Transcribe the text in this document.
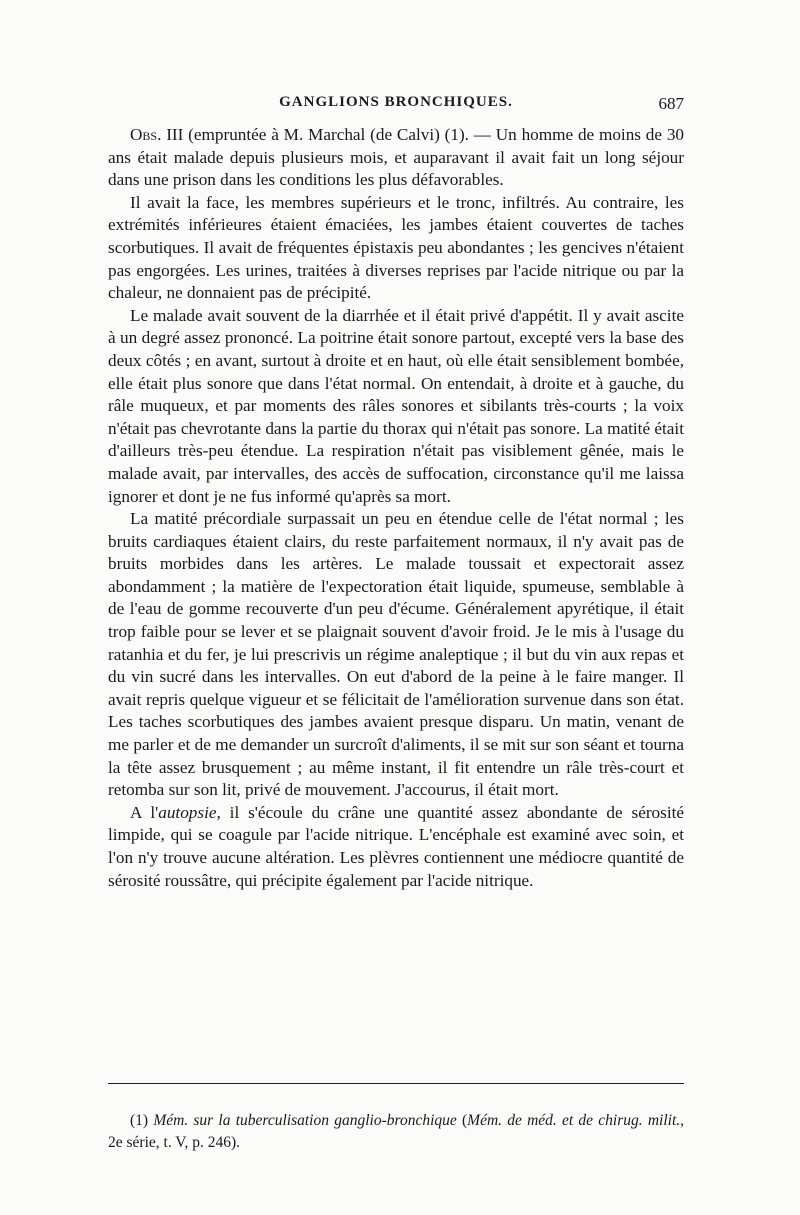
GANGLIONS BRONCHIQUES.	687

Obs. III (empruntée à M. Marchal (de Calvi) (1). — Un homme de moins de 30 ans était malade depuis plusieurs mois, et auparavant il avait fait un long séjour dans une prison dans les conditions les plus défavorables.

Il avait la face, les membres supérieurs et le tronc, infiltrés. Au contraire, les extrémités inférieures étaient émaciées, les jambes étaient couvertes de taches scorbutiques. Il avait de fréquentes épistaxis peu abondantes ; les gencives n'étaient pas engorgées. Les urines, traitées à diverses reprises par l'acide nitrique ou par la chaleur, ne donnaient pas de précipité.

Le malade avait souvent de la diarrhée et il était privé d'appétit. Il y avait ascite à un degré assez prononcé. La poitrine était sonore partout, excepté vers la base des deux côtés ; en avant, surtout à droite et en haut, où elle était sensiblement bombée, elle était plus sonore que dans l'état normal. On entendait, à droite et à gauche, du râle muqueux, et par moments des râles sonores et sibilants très-courts ; la voix n'était pas chevrotante dans la partie du thorax qui n'était pas sonore. La matité était d'ailleurs très-peu étendue. La respiration n'était pas visiblement gênée, mais le malade avait, par intervalles, des accès de suffocation, circonstance qu'il me laissa ignorer et dont je ne fus informé qu'après sa mort.

La matité précordiale surpassait un peu en étendue celle de l'état normal ; les bruits cardiaques étaient clairs, du reste parfaitement normaux, il n'y avait pas de bruits morbides dans les artères. Le malade toussait et expectorait assez abondamment ; la matière de l'expectoration était liquide, spumeuse, semblable à de l'eau de gomme recouverte d'un peu d'écume. Généralement apyrétique, il était trop faible pour se lever et se plaignait souvent d'avoir froid. Je le mis à l'usage du ratanhia et du fer, je lui prescrivis un régime analeptique ; il but du vin aux repas et du vin sucré dans les intervalles. On eut d'abord de la peine à le faire manger. Il avait repris quelque vigueur et se félicitait de l'amélioration survenue dans son état. Les taches scorbutiques des jambes avaient presque disparu. Un matin, venant de me parler et de me demander un surcroît d'aliments, il se mit sur son séant et tourna la tête assez brusquement ; au même instant, il fit entendre un râle très-court et retomba sur son lit, privé de mouvement. J'accourus, il était mort.

A l'autopsie, il s'écoule du crâne une quantité assez abondante de sérosité limpide, qui se coagule par l'acide nitrique. L'encéphale est examiné avec soin, et l'on n'y trouve aucune altération. Les plèvres contiennent une médiocre quantité de sérosité roussâtre, qui précipite également par l'acide nitrique.

(1) Mém. sur la tuberculisation ganglio-bronchique (Mém. de méd. et de chirug. milit., 2e série, t. V, p. 246).
